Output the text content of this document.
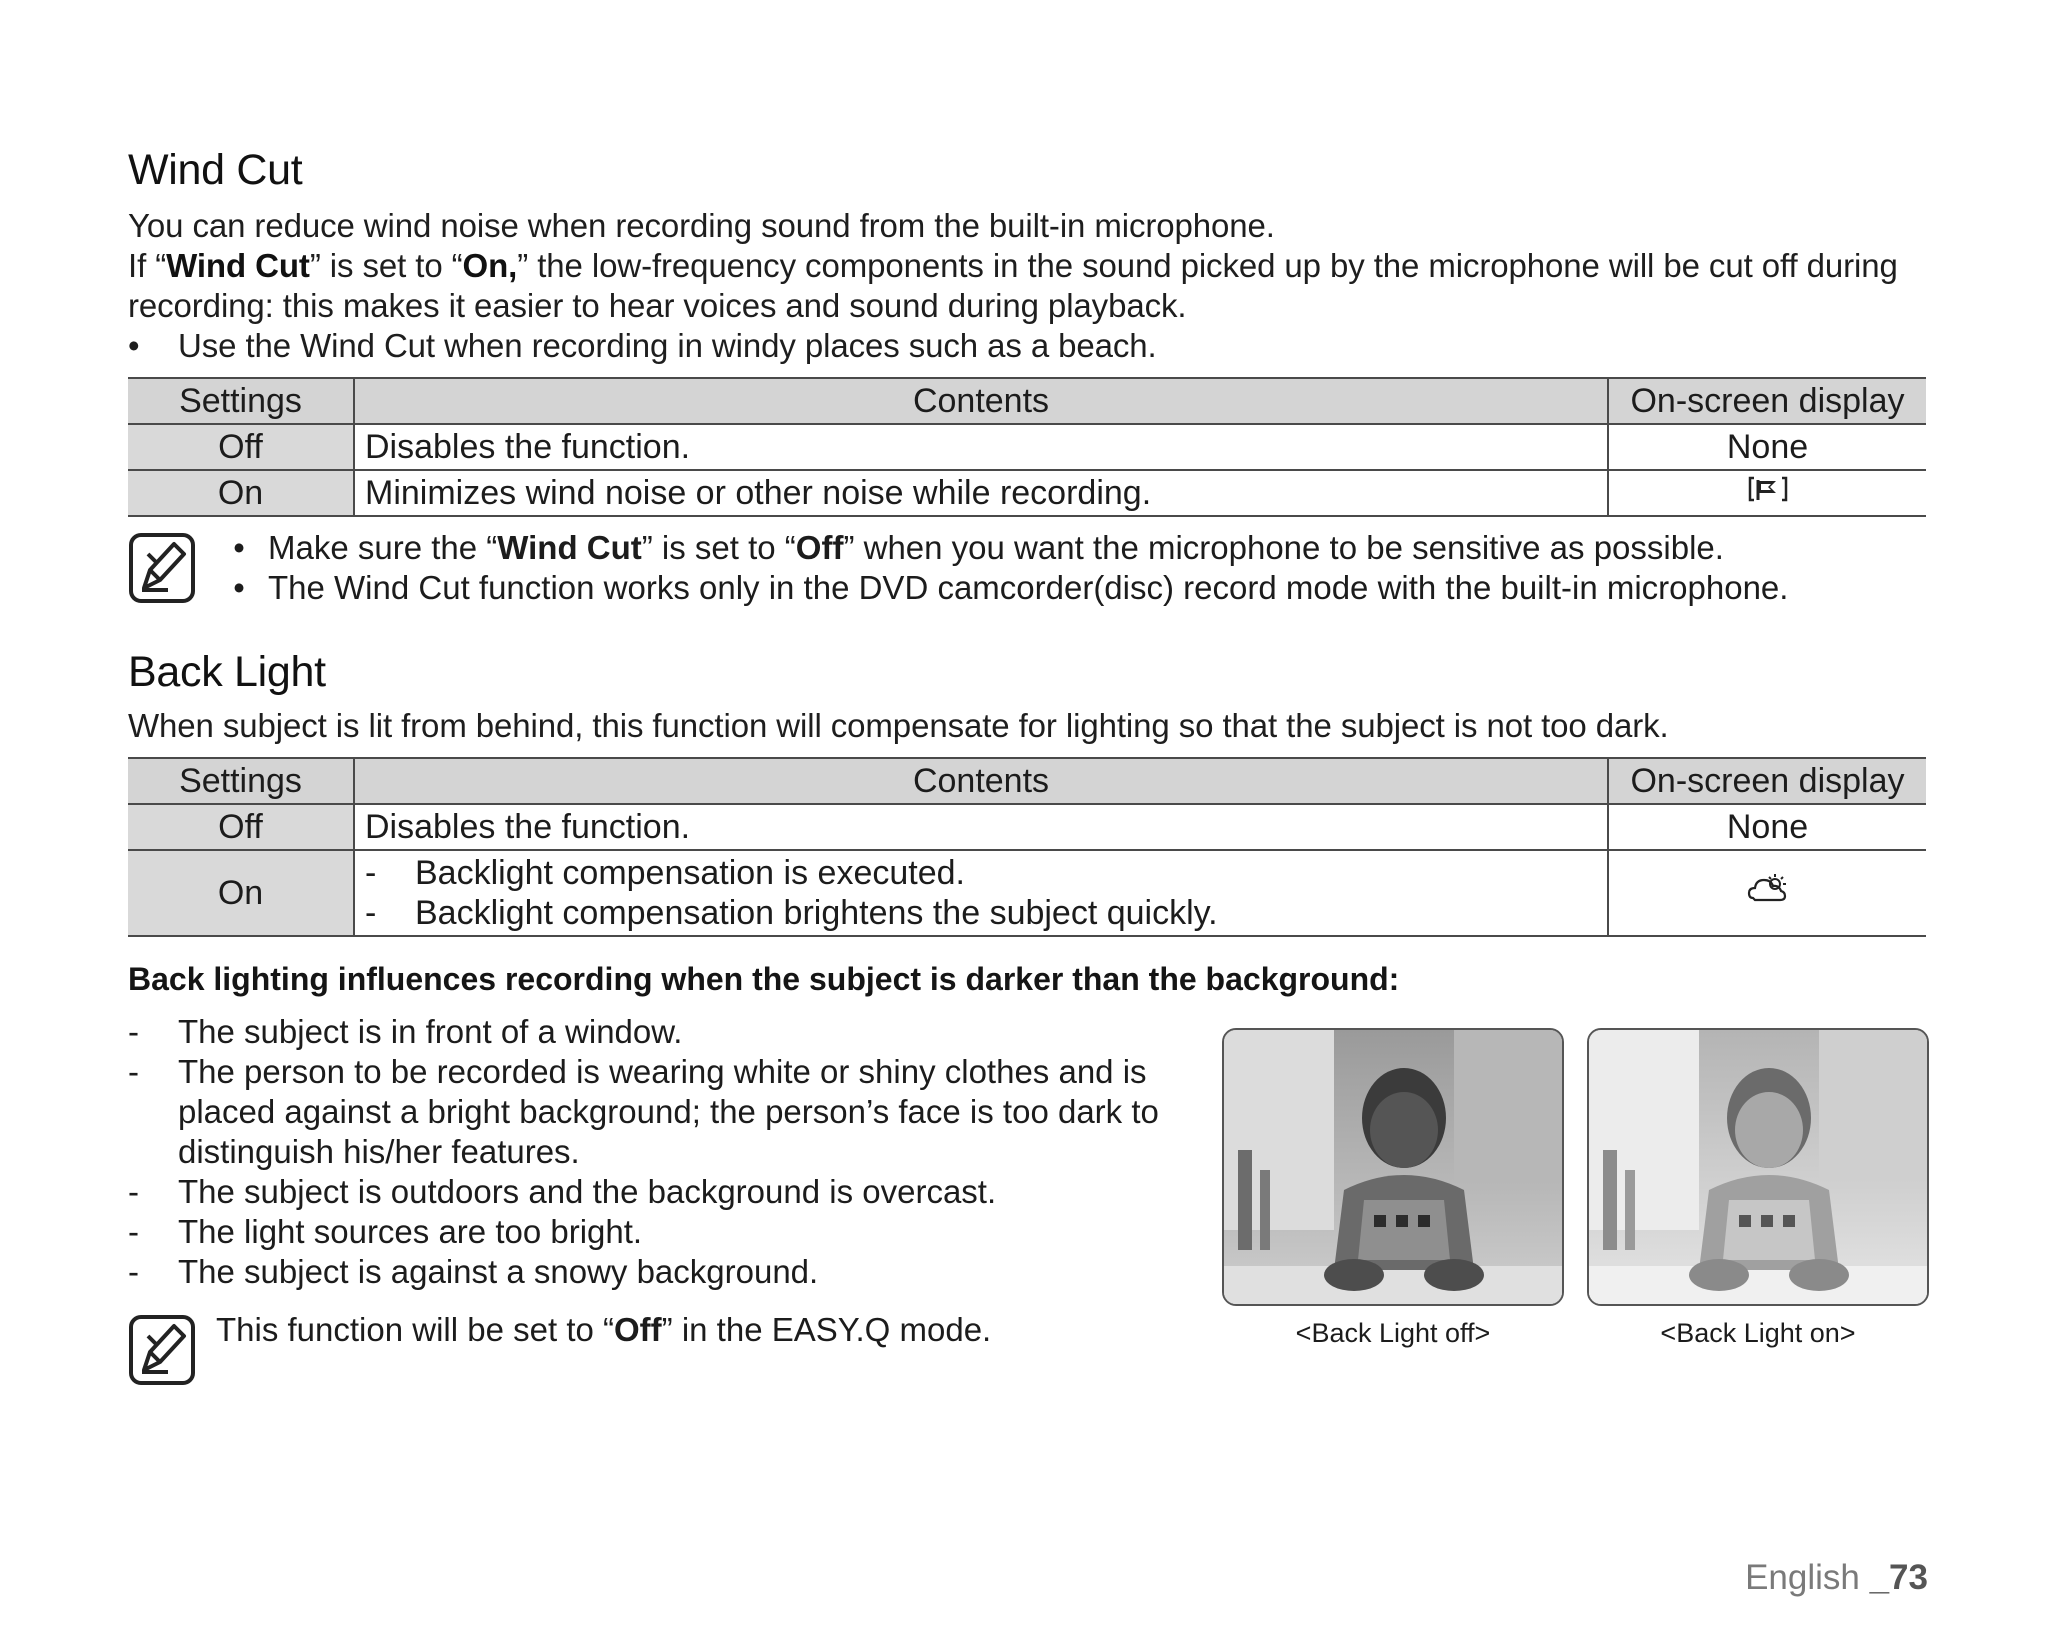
Wind Cut
You can reduce wind noise when recording sound from the built-in microphone.
If “Wind Cut” is set to “On,” the low-frequency components in the sound picked up by the microphone will be cut off during recording: this makes it easier to hear voices and sound during playback.
•	Use the Wind Cut when recording in windy places such as a beach.
Settings	Contents	On-screen display
Off	Disables the function.	None
On	Minimizes wind noise or other noise while recording.	
• Make sure the “Wind Cut” is set to “Off” when you want the microphone to be sensitive as possible.
• The Wind Cut function works only in the DVD camcorder(disc) record mode with the built-in microphone.
Back Light
When subject is lit from behind, this function will compensate for lighting so that the subject is not too dark.
Settings	Contents	On-screen display
Off	Disables the function.	None
On	- Backlight compensation is executed.
- Backlight compensation brightens the subject quickly.

Back lighting influences recording when the subject is darker than the background:
-	The subject is in front of a window.
-	The person to be recorded is wearing white or shiny clothes and is placed against a bright background; the person’s face is too dark to distinguish his/her features.
-	The subject is outdoors and the background is overcast.
-	The light sources are too bright.
-	The subject is against a snowy background.
This function will be set to “Off” in the EASY.Q mode.	<Back Light off>	<Back Light on>
English _73
